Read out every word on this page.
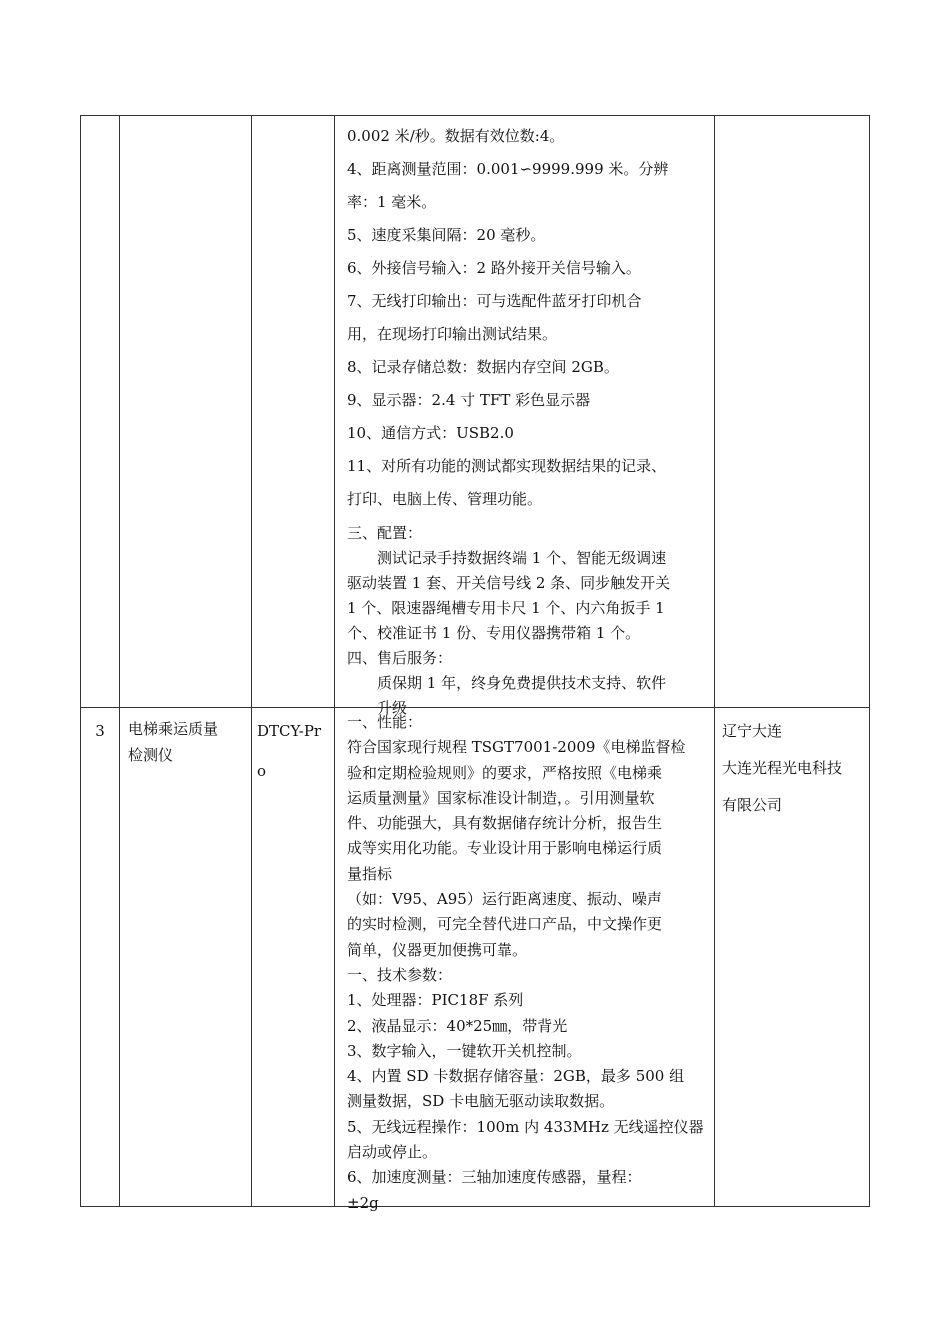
0.002 米/秒。数据有效位数:4。
4、距离测量范围：0.001∽9999.999 米。分辨
率：1 毫米。
5、速度采集间隔：20 毫秒。
6、外接信号输入：2 路外接开关信号输入。
7、无线打印输出：可与选配件蓝牙打印机合
用，在现场打印输出测试结果。
8、记录存储总数：数据内存空间 2GB。
9、显示器：2.4 寸 TFT 彩色显示器
10、通信方式：USB2.0
11、对所有功能的测试都实现数据结果的记录、
打印、电脑上传、管理功能。
三、配置：
测试记录手持数据终端 1 个、智能无级调速
驱动装置 1 套、开关信号线 2 条、同步触发开关
1 个、限速器绳槽专用卡尺 1 个、内六角扳手 1
个、校准证书 1 份、专用仪器携带箱 1 个。
四、售后服务：
质保期 1 年，终身免费提供技术支持、软件
升级
3	电梯乘运质量
检测仪
DTCY-Pr
o
一、性能：
符合国家现行规程 TSGT7001-2009《电梯监督检
验和定期检验规则》的要求，严格按照《电梯乘
运质量测量》国家标准设计制造，。引用测量软
件、功能强大，具有数据储存统计分析，报告生
成等实用化功能。专业设计用于影响电梯运行质
量指标
（如：V95、A95）运行距离速度、振动、噪声
的实时检测，可完全替代进口产品，中文操作更
简单，仪器更加便携可靠。
一、技术参数：
1、处理器：PIC18F 系列
2、液晶显示：40*25㎜，带背光
3、数字输入，一键软开关机控制。
4、内置 SD 卡数据存储容量：2GB，最多 500 组
测量数据，SD 卡电脑无驱动读取数据。
5、无线远程操作：100m 内 433MHz 无线遥控仪器
启动或停止。
6、加速度测量：三轴加速度传感器，量程：
±2g
辽宁大连
大连光程光电科技
有限公司
